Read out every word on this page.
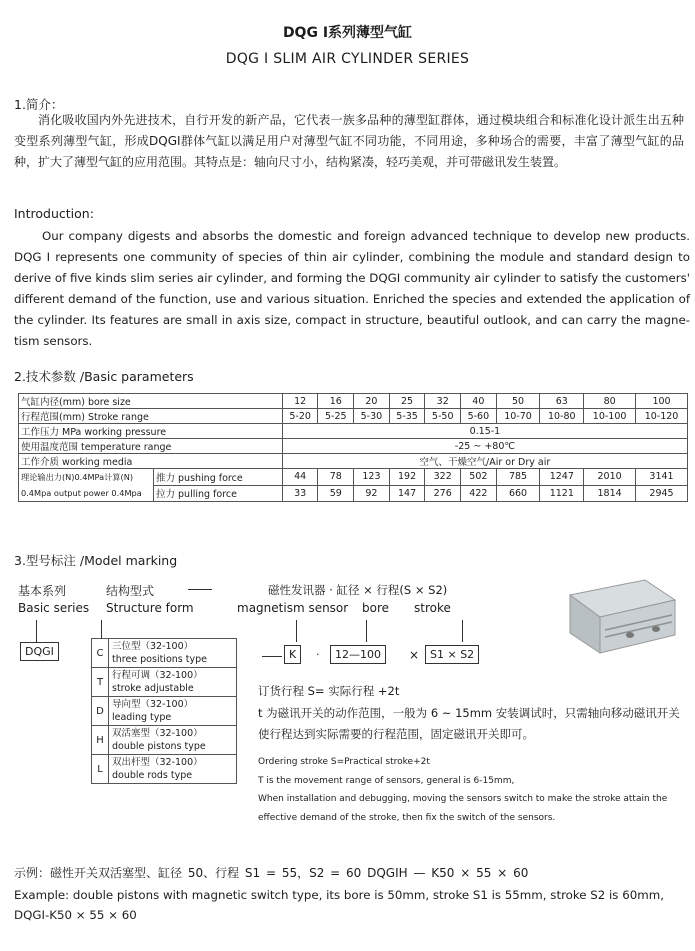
DQG Ⅰ系列薄型气缸
DQG I SLIM AIR CYLINDER SERIES
1.简介：
消化吸收国内外先进技术，自行开发的新产品，它代表一族多品种的薄型缸群体，通过模块组合和标准化设计派生出五种变型系列薄型气缸，形成DQGI群体气缸以满足用户对薄型气缸不同功能，不同用途，多种场合的需要，丰富了薄型气缸的品种，扩大了薄型气缸的应用范围。其特点是：轴向尺寸小，结构紧凑，轻巧美观，并可带磁讯发生装置。
Introduction:
Our company digests and absorbs the domestic and foreign advanced technique to develop new products. DQG I represents one community of species of thin air cylinder, combining the module and standard design to derive of five kinds slim series air cylinder, and forming the DQGI community air cylinder to satisfy the customers' different demand of the function, use and various situation. Enriched the species and extended the application of the cylinder. Its features are small in axis size, compact in structure, beautiful outlook, and can carry the magne-tism sensors.
2.技术参数 /Basic parameters
气缸内径(mm) bore size		12	16	20	25	32	40	50	63	80	100
行程范围(mm) Stroke range		5-20	5-25	5-30	5-35	5-50	5-60	10-70	10-80	10-100	10-120
工作压力 MPa working pressure		0.15-1									
使用温度范围 temperature range		-25 ~ +80℃									
工作介质 working media		空气、干燥空气/Air or Dry air									
理论输出力(N)0.4MPa计算(N)
0.4Mpa output power 0.4Mpa	推力 pushing force	44	78	123	192	322	502	785	1247	2010	3141
	拉力 pulling force	33	59	92	147	276	422	660	1121	1814	2945
3.型号标注 /Model marking
基本系列
Basic series
结构型式
Structure form
磁性发讯器 · 缸径 × 行程(S × S2)
magnetism sensor bore stroke
DQGI	K	·	12—100	× S1 × S2
C	三位型（32-100）
three positions type
T	行程可调（32-100）
stroke adjustable
D	导向型（32-100）
leading type
H	双活塞型（32-100）
double pistons type
L	双出杆型（32-100）
double rods type
订货行程 S= 实际行程 +2t
t 为磁讯开关的动作范围，一般为 6 ~ 15mm 安装调试时，只需轴向移动磁讯开关使行程达到实际需要的行程范围，固定磁讯开关即可。
Ordering stroke S=Practical stroke+2t
T is the movement range of sensors, general is 6-15mm,
When installation and debugging, moving the sensors switch to make the stroke attain the effective demand of the stroke, then fix the switch of the sensors.
示例：磁性开关双活塞型、缸径 50、行程 S1 = 55，S2 = 60 DQGIH — K50 × 55 × 60
Example: double pistons with magnetic switch type, its bore is 50mm, stroke S1 is 55mm, stroke S2 is 60mm,
DQGI-K50 × 55 × 60
